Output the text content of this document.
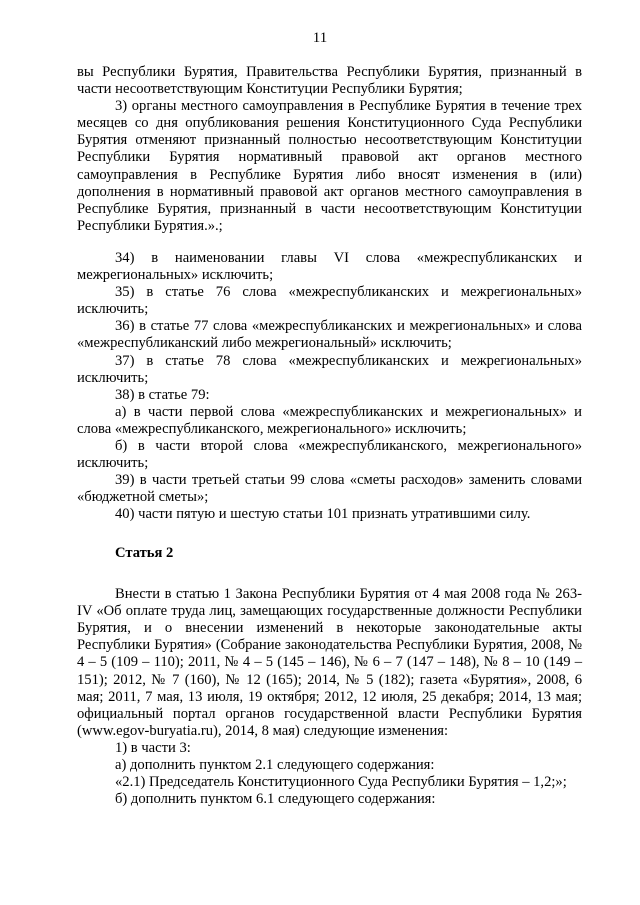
11

вы Республики Бурятия, Правительства Республики Бурятия, признанный в части несоответствующим Конституции Республики Бурятия;

3) органы местного самоуправления в Республике Бурятия в течение трех месяцев со дня опубликования решения Конституционного Суда Республики Бурятия отменяют признанный полностью несоответствующим Конституции Республики Бурятия нормативный правовой акт органов местного самоуправления в Республике Бурятия либо вносят изменения в (или) дополнения в нормативный правовой акт органов местного самоуправления в Республике Бурятия, признанный в части несоответствующим Конституции Республики Бурятия.».;

34) в наименовании главы VI слова «межреспубликанских и межрегиональных» исключить;

35) в статье 76 слова «межреспубликанских и межрегиональных» исключить;

36) в статье 77 слова «межреспубликанских и межрегиональных» и слова «межреспубликанский либо межрегиональный» исключить;

37) в статье 78 слова «межреспубликанских и межрегиональных» исключить;

38) в статье 79:

а) в части первой слова «межреспубликанских и межрегиональных» и слова «межреспубликанского, межрегионального» исключить;

б) в части второй слова «межреспубликанского, межрегионального» исключить;

39) в части третьей статьи 99 слова «сметы расходов» заменить словами «бюджетной сметы»;

40) части пятую и шестую статьи 101 признать утратившими силу.

Статья 2

Внести в статью 1 Закона Республики Бурятия от 4 мая 2008 года № 263-IV «Об оплате труда лиц, замещающих государственные должности Республики Бурятия, и о внесении изменений в некоторые законодательные акты Республики Бурятия» (Собрание законодательства Республики Бурятия, 2008, № 4 – 5 (109 – 110); 2011, № 4 – 5 (145 – 146), № 6 – 7 (147 – 148), № 8 – 10 (149 – 151); 2012, № 7 (160), № 12 (165); 2014, № 5 (182); газета «Бурятия», 2008, 6 мая; 2011, 7 мая, 13 июля, 19 октября; 2012, 12 июля, 25 декабря; 2014, 13 мая; официальный портал органов государственной власти Республики Бурятия (www.egov-buryatia.ru), 2014, 8 мая) следующие изменения:

1) в части 3:

а) дополнить пунктом 2.1 следующего содержания:

«2.1) Председатель Конституционного Суда Республики Бурятия – 1,2;»;

б) дополнить пунктом 6.1 следующего содержания:
